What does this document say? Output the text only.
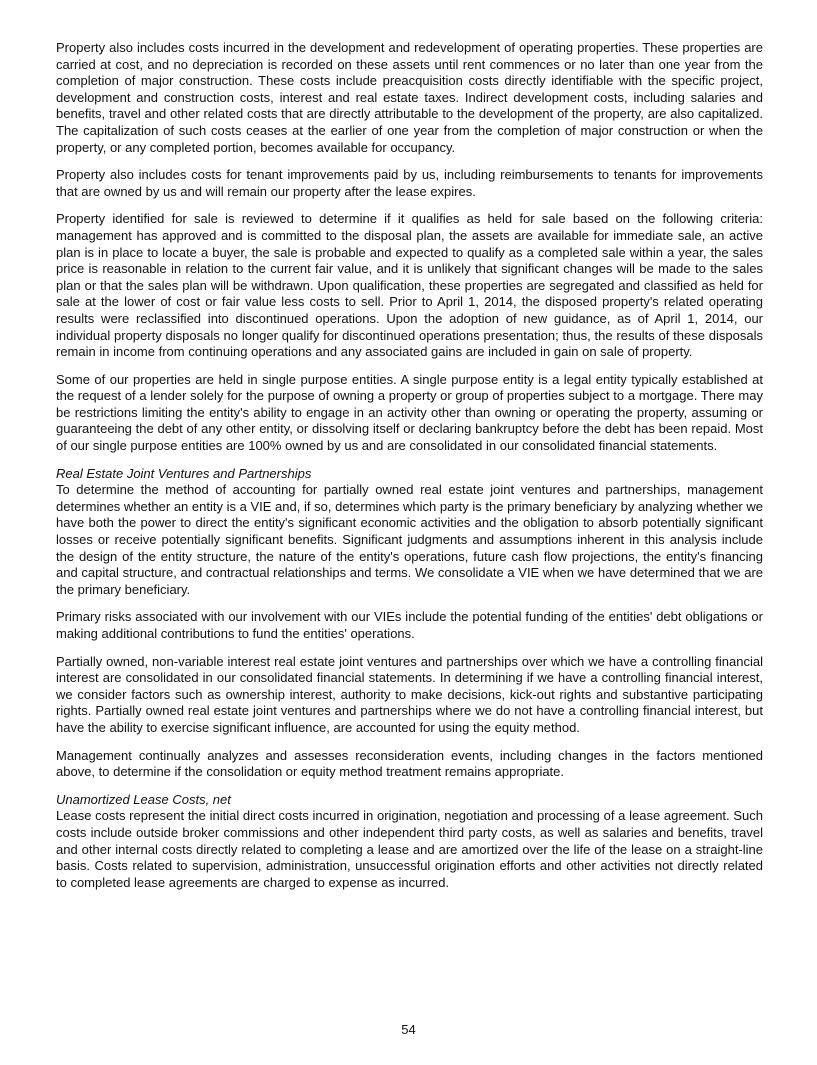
Property also includes costs incurred in the development and redevelopment of operating properties. These properties are carried at cost, and no depreciation is recorded on these assets until rent commences or no later than one year from the completion of major construction. These costs include preacquisition costs directly identifiable with the specific project, development and construction costs, interest and real estate taxes. Indirect development costs, including salaries and benefits, travel and other related costs that are directly attributable to the development of the property, are also capitalized. The capitalization of such costs ceases at the earlier of one year from the completion of major construction or when the property, or any completed portion, becomes available for occupancy.

Property also includes costs for tenant improvements paid by us, including reimbursements to tenants for improvements that are owned by us and will remain our property after the lease expires.

Property identified for sale is reviewed to determine if it qualifies as held for sale based on the following criteria: management has approved and is committed to the disposal plan, the assets are available for immediate sale, an active plan is in place to locate a buyer, the sale is probable and expected to qualify as a completed sale within a year, the sales price is reasonable in relation to the current fair value, and it is unlikely that significant changes will be made to the sales plan or that the sales plan will be withdrawn. Upon qualification, these properties are segregated and classified as held for sale at the lower of cost or fair value less costs to sell. Prior to April 1, 2014, the disposed property's related operating results were reclassified into discontinued operations. Upon the adoption of new guidance, as of April 1, 2014, our individual property disposals no longer qualify for discontinued operations presentation; thus, the results of these disposals remain in income from continuing operations and any associated gains are included in gain on sale of property.

Some of our properties are held in single purpose entities. A single purpose entity is a legal entity typically established at the request of a lender solely for the purpose of owning a property or group of properties subject to a mortgage. There may be restrictions limiting the entity's ability to engage in an activity other than owning or operating the property, assuming or guaranteeing the debt of any other entity, or dissolving itself or declaring bankruptcy before the debt has been repaid. Most of our single purpose entities are 100% owned by us and are consolidated in our consolidated financial statements.

Real Estate Joint Ventures and Partnerships
To determine the method of accounting for partially owned real estate joint ventures and partnerships, management determines whether an entity is a VIE and, if so, determines which party is the primary beneficiary by analyzing whether we have both the power to direct the entity's significant economic activities and the obligation to absorb potentially significant losses or receive potentially significant benefits. Significant judgments and assumptions inherent in this analysis include the design of the entity structure, the nature of the entity's operations, future cash flow projections, the entity's financing and capital structure, and contractual relationships and terms. We consolidate a VIE when we have determined that we are the primary beneficiary.

Primary risks associated with our involvement with our VIEs include the potential funding of the entities' debt obligations or making additional contributions to fund the entities' operations.

Partially owned, non-variable interest real estate joint ventures and partnerships over which we have a controlling financial interest are consolidated in our consolidated financial statements. In determining if we have a controlling financial interest, we consider factors such as ownership interest, authority to make decisions, kick-out rights and substantive participating rights. Partially owned real estate joint ventures and partnerships where we do not have a controlling financial interest, but have the ability to exercise significant influence, are accounted for using the equity method.

Management continually analyzes and assesses reconsideration events, including changes in the factors mentioned above, to determine if the consolidation or equity method treatment remains appropriate.

Unamortized Lease Costs, net
Lease costs represent the initial direct costs incurred in origination, negotiation and processing of a lease agreement. Such costs include outside broker commissions and other independent third party costs, as well as salaries and benefits, travel and other internal costs directly related to completing a lease and are amortized over the life of the lease on a straight-line basis. Costs related to supervision, administration, unsuccessful origination efforts and other activities not directly related to completed lease agreements are charged to expense as incurred.

54
